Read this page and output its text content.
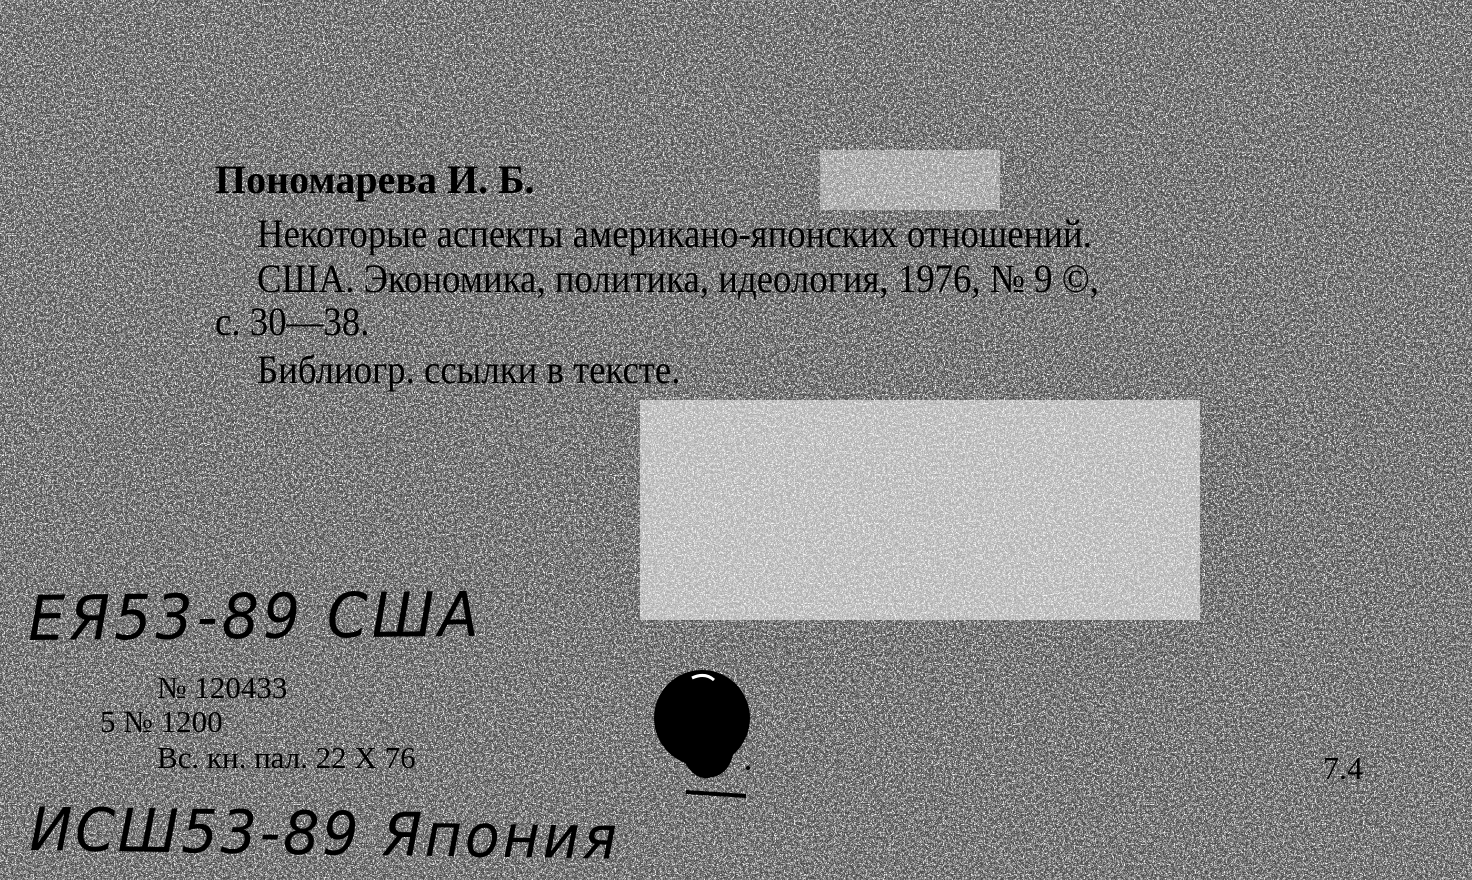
Пономарева И. Б.
Некоторые аспекты американо-японских отношений.
США. Экономика, политика, идеология, 1976, № 9 ©,
с. 30—38.
Библиогр. ссылки в тексте.
ЕЯ53-89 США
№ 120433
5 № 1200
Вс. кн. пал. 22 X 76	7.4
ИСШ53-89 Япония
